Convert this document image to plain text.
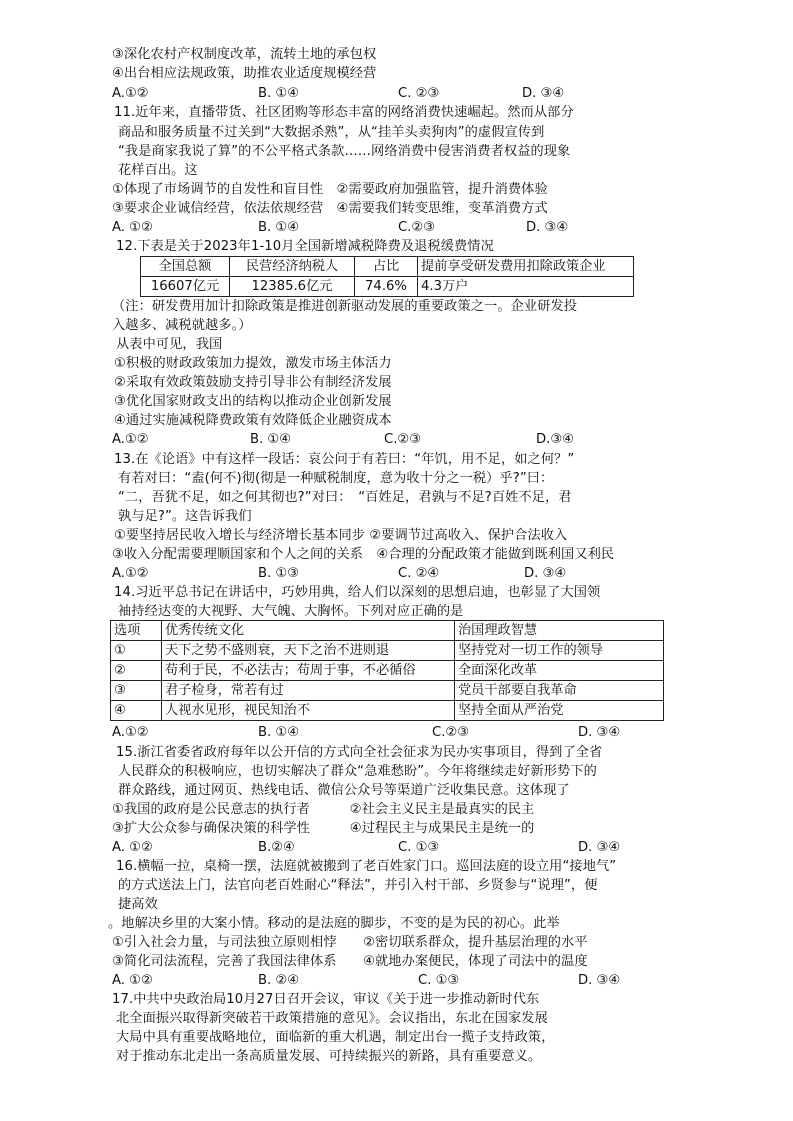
③深化农村产权制度改革，流转土地的承包权
④出台相应法规政策，助推农业适度规模经营
A.①②	B. ①④	C. ②③	D. ③④
11.近年来，直播带货、社区团购等形态丰富的网络消费快速崛起。然而从部分
商品和服务质量不过关到“大数据杀熟”，从“挂羊头卖狗肉”的虚假宣传到
“我是商家我说了算”的不公平格式条款……网络消费中侵害消费者权益的现象
花样百出。这
①体现了市场调节的自发性和盲目性　②需要政府加强监管，提升消费体验
③要求企业诚信经营，依法依规经营　④需要我们转变思维，变革消费方式
A. ①②	B. ①④	C.②③	D. ③④
12.下表是关于2023年1-10月全国新增减税降费及退税缓费情况
全国总额	民营经济纳税人	占比	提前享受研发费用扣除政策企业
16607亿元	12385.6亿元	74.6%	4.3万户
（注：研发费用加计扣除政策是推进创新驱动发展的重要政策之一。企业研发投
入越多、减税就越多。）
从表中可见，我国
①积极的财政政策加力提效，激发市场主体活力
②采取有效政策鼓励支持引导非公有制经济发展
③优化国家财政支出的结构以推动企业创新发展
④通过实施减税降费政策有效降低企业融资成本
A.①②	B. ①④	C.②③	D.③④
13.在《论语》中有这样一段话：哀公问于有若曰：“年饥，用不足，如之何？”
有若对曰：“盍(何不)彻(彻是一种赋税制度，意为收十分之一税）乎?”曰：
“二，吾犹不足，如之何其彻也?”对曰：　“百姓足，君孰与不足?百姓不足，君
孰与足?”。这告诉我们
①要坚持居民收入增长与经济增长基本同步 ②要调节过高收入、保护合法收入
③收入分配需要理顺国家和个人之间的关系　④合理的分配政策才能做到既利国又利民
A.①②	B. ①③	C. ②④	D. ③④
14.习近平总书记在讲话中，巧妙用典，给人们以深刻的思想启迪，也彰显了大国领
袖持经达变的大视野、大气魄、大胸怀。下列对应正确的是
选项	优秀传统文化	治国理政智慧
①	天下之势不盛则衰，天下之治不进则退	坚持党对一切工作的领导
②	苟利于民，不必法古；苟周于事，不必循俗	全面深化改革
③	君子检身，常若有过	党员干部要自我革命
④	人视水见形，视民知治不	坚持全面从严治党
A.①②	B. ①④	C.②③	D. ③④
15.浙江省委省政府每年以公开信的方式向全社会征求为民办实事项目，得到了全省
人民群众的积极响应，也切实解决了群众“急难愁盼”。今年将继续走好新形势下的
群众路线，通过网页、热线电话、微信公众号等渠道广泛收集民意。这体现了
①我国的政府是公民意志的执行者　　　②社会主义民主是最真实的民主
③扩大公众参与确保决策的科学性　　　④过程民主与成果民主是统一的
A. ①②	B.②④	C. ①③	D. ③④
16.横幅一拉，桌椅一摆，法庭就被搬到了老百姓家门口。巡回法庭的设立用“接地气”
的方式送法上门，法官向老百姓耐心“释法”，并引入村干部、乡贤参与“说理”，便
捷高效
。地解决乡里的大案小情。移动的是法庭的脚步，不变的是为民的初心。此举
①引入社会力量，与司法独立原则相悖　　②密切联系群众，提升基层治理的水平
③简化司法流程，完善了我国法律体系　　④就地办案便民，体现了司法中的温度
A. ①②	B. ②④	C. ①③	D. ③④
17.中共中央政治局10月27日召开会议，审议《关于进一步推动新时代东
北全面振兴取得新突破若干政策措施的意见》。会议指出，东北在国家发展
大局中具有重要战略地位，面临新的重大机遇，制定出台一揽子支持政策，
对于推动东北走出一条高质量发展、可持续振兴的新路，具有重要意义。
